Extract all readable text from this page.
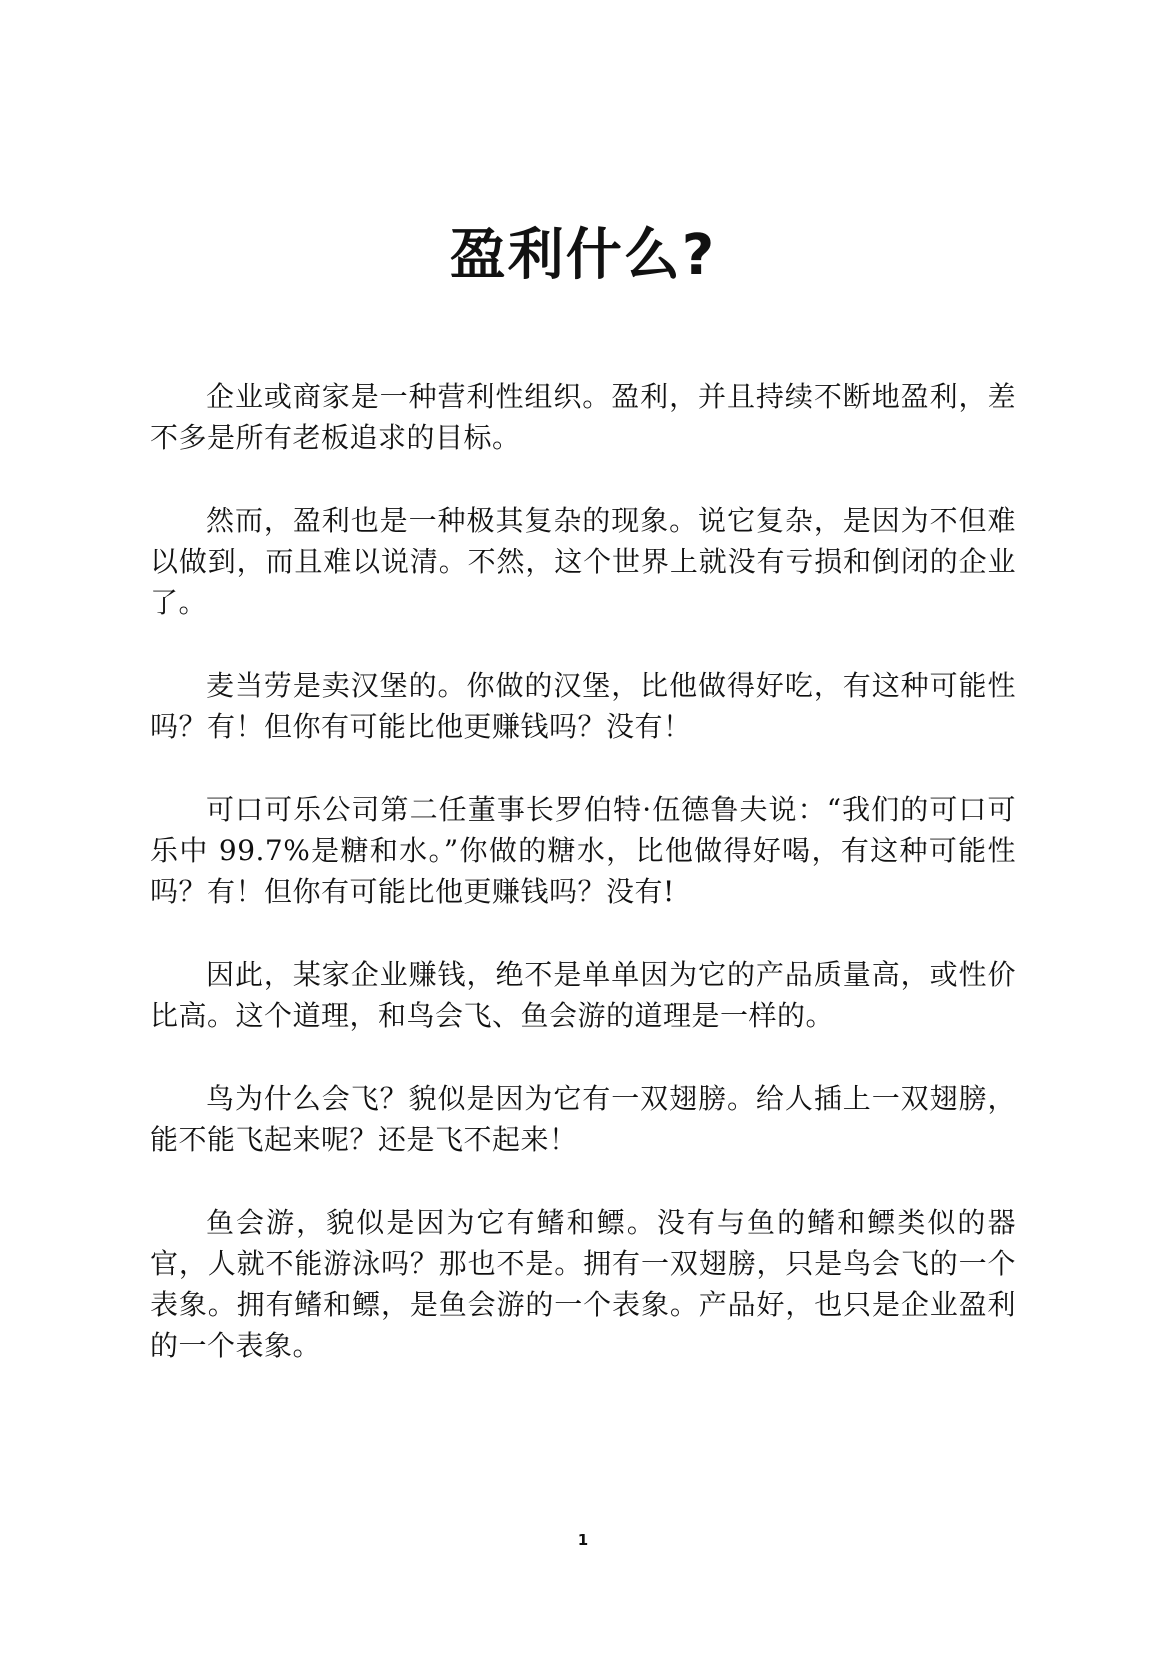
盈利什么?

企业或商家是一种营利性组织。盈利，并且持续不断地盈利，差不多是所有老板追求的目标。

然而，盈利也是一种极其复杂的现象。说它复杂，是因为不但难以做到，而且难以说清。不然，这个世界上就没有亏损和倒闭的企业了。

麦当劳是卖汉堡的。你做的汉堡，比他做得好吃，有这种可能性吗？有！但你有可能比他更赚钱吗？没有！

可口可乐公司第二任董事长罗伯特·伍德鲁夫说：“我们的可口可乐中 99.7%是糖和水。”你做的糖水，比他做得好喝，有这种可能性吗？有！但你有可能比他更赚钱吗？没有!

因此，某家企业赚钱，绝不是单单因为它的产品质量高，或性价比高。这个道理，和鸟会飞、鱼会游的道理是一样的。

鸟为什么会飞？貌似是因为它有一双翅膀。给人插上一双翅膀，能不能飞起来呢？还是飞不起来！

鱼会游，貌似是因为它有鳍和鳔。没有与鱼的鳍和鳔类似的器官，人就不能游泳吗？那也不是。拥有一双翅膀，只是鸟会飞的一个表象。拥有鳍和鳔，是鱼会游的一个表象。产品好，也只是企业盈利的一个表象。

1
